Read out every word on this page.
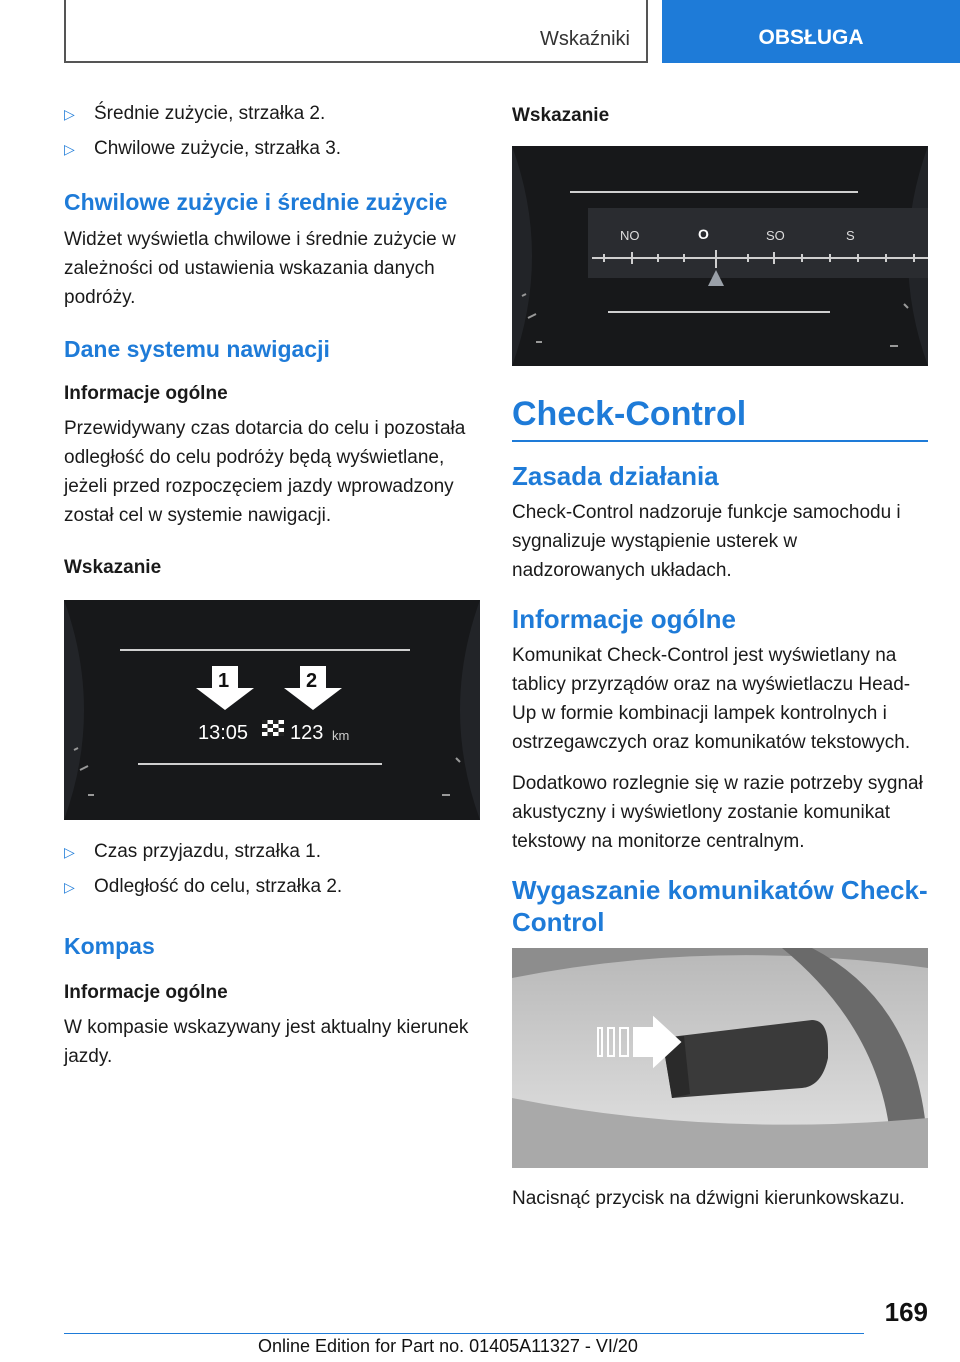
Wskaźniki	OBSŁUGA
▷	Średnie zużycie, strzałka 2.
▷	Chwilowe zużycie, strzałka 3.
Chwilowe zużycie i średnie zużycie

Widżet wyświetla chwilowe i średnie zużycie w zależności od ustawienia wskazania danych podróży.

Dane systemu nawigacji
Informacje ogólne

Przewidywany czas dotarcia do celu i pozostała odległość do celu podróży będą wyświetlane, jeżeli przed rozpoczęciem jazdy wprowadzony został cel w systemie nawigacji.

Wskazanie
1	2
13:05 123 km
▷	Czas przyjazdu, strzałka 1.
▷	Odległość do celu, strzałka 2.
Kompas
Informacje ogólne

W kompasie wskazywany jest aktualny kierunek jazdy.

Wskazanie
NO	O	SO	S
Check-Control
Zasada działania

Check-Control nadzoruje funkcje samochodu i sygnalizuje wystąpienie usterek w nadzorowanych układach.

Informacje ogólne

Komunikat Check-Control jest wyświetlany na tablicy przyrządów oraz na wyświetlaczu Head-Up w formie kombinacji lampek kontrolnych i ostrzegawczych oraz komunikatów tekstowych.

Dodatkowo rozlegnie się w razie potrzeby sygnał akustyczny i wyświetlony zostanie komunikat tekstowy na monitorze centralnym.

Wygaszanie komunikatów Check-Control

Nacisnąć przycisk na dźwigni kierunkowskazu.

169
Online Edition for Part no. 01405A11327 - VI/20
